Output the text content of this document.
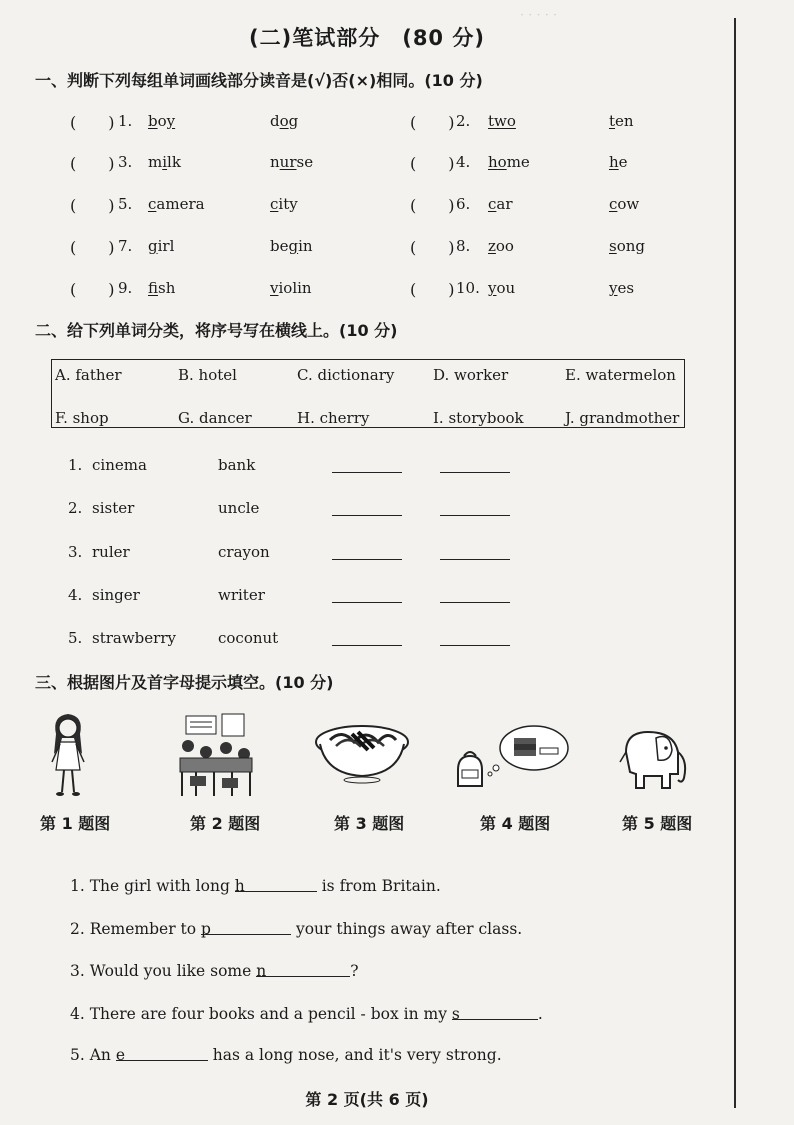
· · · · ·
(二)笔试部分　(80 分)
一、判断下列每组单词画线部分读音是(√)否(×)相同。(10 分)
(　　) 1. boy	dog	(　　) 2. two	ten
(　　) 3. milk	nurse	(　　) 4. home	he
(　　) 5. camera	city	(　　) 6. car	cow
(　　) 7. girl	begin	(　　) 8. zoo	song
(　　) 9. fish	violin	(　　) 10. you	yes
二、给下列单词分类，将序号写在横线上。(10 分)
A. father	B. hotel	C. dictionary	D. worker	E. watermelon
F. shop	G. dancer	H. cherry	I. storybook	J. grandmother
1. cinema	bank
2. sister	uncle
3. ruler	crayon
4. singer	writer
5. strawberry	coconut
三、根据图片及首字母提示填空。(10 分)
第 1 题图	第 2 题图	第 3 题图	第 4 题图	第 5 题图
1. The girl with long h	is from Britain.
2. Remember to p	your things away after class.
3. Would you like some n	?
4. There are four books and a pencil - box in my s	.
5. An e	has a long nose, and it's very strong.
第 2 页(共 6 页)
